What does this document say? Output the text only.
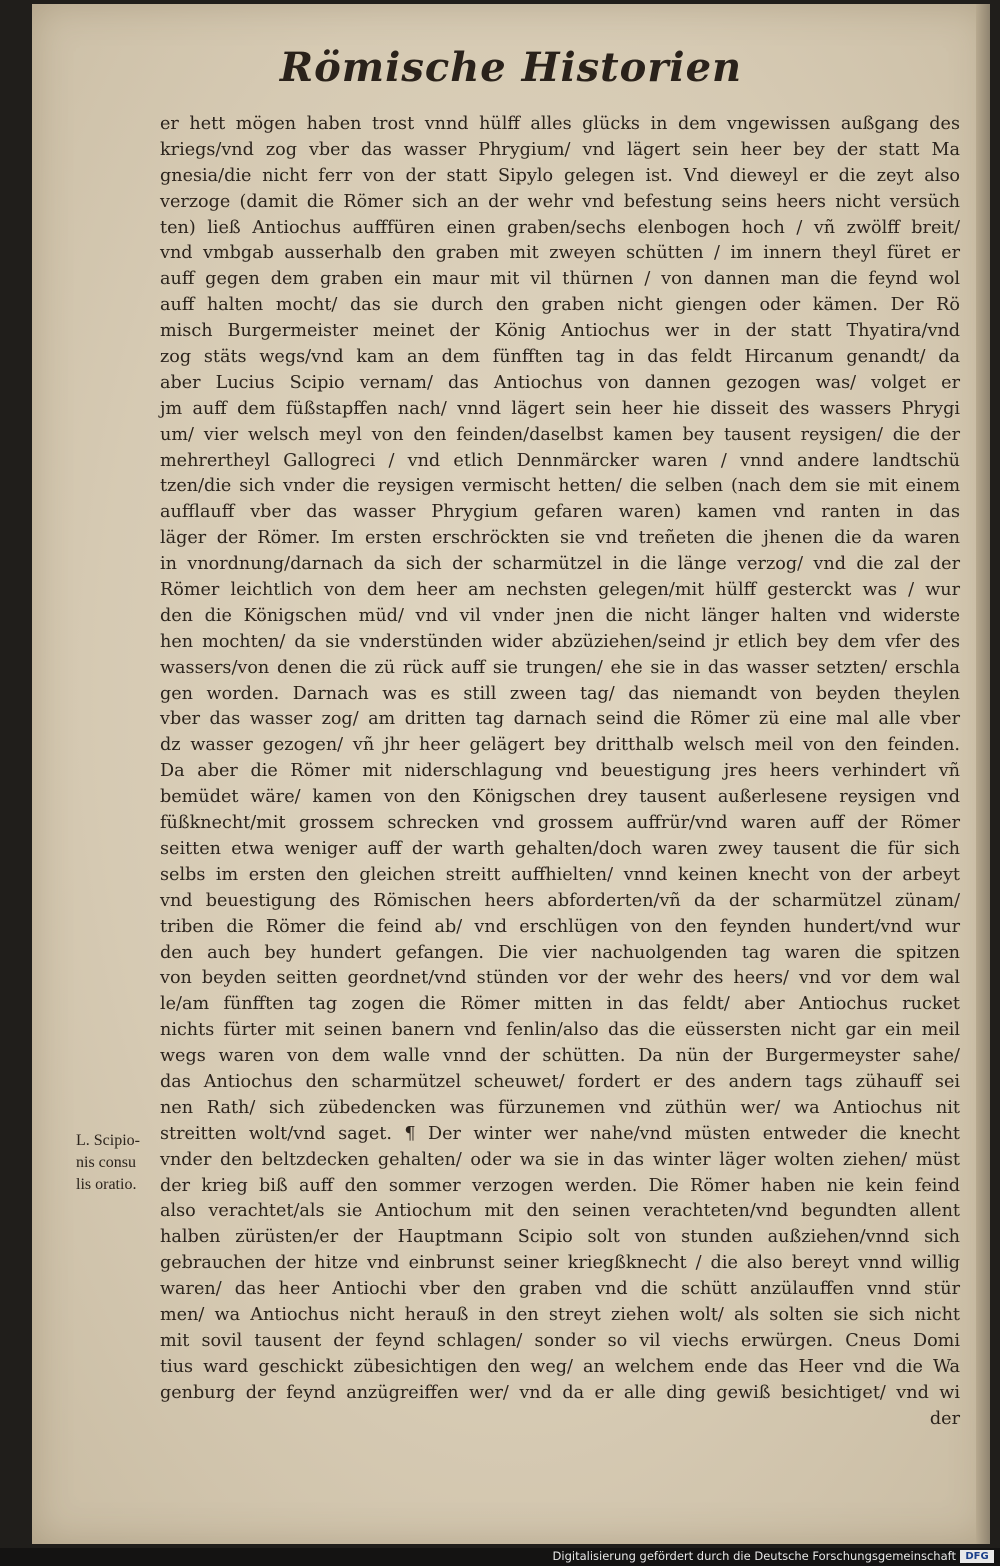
Römische Historien
L. Scipio-
nis consu
lis oratio.
er hett mögen haben trost vnnd hülff alles glücks in dem vngewissen außgang des
kriegs/vnd zog vber das wasser Phrygium/ vnd lägert sein heer bey der statt Ma
gnesia/die nicht ferr von der statt Sipylo gelegen ist. Vnd dieweyl er die zeyt also
verzoge (damit die Römer sich an der wehr vnd befestung seins heers nicht versüch
ten) ließ Antiochus aufffüren einen graben/sechs elenbogen hoch / vñ zwölff breit/
vnd vmbgab ausserhalb den graben mit zweyen schütten / im innern theyl füret er
auff gegen dem graben ein maur mit vil thürnen / von dannen man die feynd wol
auff halten mocht/ das sie durch den graben nicht giengen oder kämen. Der Rö
misch Burgermeister meinet der König Antiochus wer in der statt Thyatira/vnd
zog stäts wegs/vnd kam an dem fünfften tag in das feldt Hircanum genandt/ da
aber Lucius Scipio vernam/ das Antiochus von dannen gezogen was/ volget er
jm auff dem füßstapffen nach/ vnnd lägert sein heer hie disseit des wassers Phrygi
um/ vier welsch meyl von den feinden/daselbst kamen bey tausent reysigen/ die der
mehrertheyl Gallogreci / vnd etlich Dennmärcker waren / vnnd andere landtschü
tzen/die sich vnder die reysigen vermischt hetten/ die selben (nach dem sie mit einem
aufflauff vber das wasser Phrygium gefaren waren) kamen vnd ranten in das
läger der Römer. Im ersten erschröckten sie vnd treñeten die jhenen die da waren
in vnordnung/darnach da sich der scharmützel in die länge verzog/ vnd die zal der
Römer leichtlich von dem heer am nechsten gelegen/mit hülff gesterckt was / wur
den die Königschen müd/ vnd vil vnder jnen die nicht länger halten vnd widerste
hen mochten/ da sie vnderstünden wider abzüziehen/seind jr etlich bey dem vfer des
wassers/von denen die zü rück auff sie trungen/ ehe sie in das wasser setzten/ erschla
gen worden. Darnach was es still zween tag/ das niemandt von beyden theylen
vber das wasser zog/ am dritten tag darnach seind die Römer zü eine mal alle vber
dz wasser gezogen/ vñ jhr heer gelägert bey dritthalb welsch meil von den feinden.
Da aber die Römer mit niderschlagung vnd beuestigung jres heers verhindert vñ
bemüdet wäre/ kamen von den Königschen drey tausent außerlesene reysigen vnd
füßknecht/mit grossem schrecken vnd grossem auffrür/vnd waren auff der Römer
seitten etwa weniger auff der warth gehalten/doch waren zwey tausent die für sich
selbs im ersten den gleichen streitt auffhielten/ vnnd keinen knecht von der arbeyt
vnd beuestigung des Römischen heers abforderten/vñ da der scharmützel zünam/
triben die Römer die feind ab/ vnd erschlügen von den feynden hundert/vnd wur
den auch bey hundert gefangen. Die vier nachuolgenden tag waren die spitzen
von beyden seitten geordnet/vnd stünden vor der wehr des heers/ vnd vor dem wal
le/am fünfften tag zogen die Römer mitten in das feldt/ aber Antiochus rucket
nichts fürter mit seinen banern vnd fenlin/also das die eüssersten nicht gar ein meil
wegs waren von dem walle vnnd der schütten. Da nün der Burgermeyster sahe/
das Antiochus den scharmützel scheuwet/ fordert er des andern tags zühauff sei
nen Rath/ sich zübedencken was fürzunemen vnd züthün wer/ wa Antiochus nit
streitten wolt/vnd saget. ¶ Der winter wer nahe/vnd müsten entweder die knecht
vnder den beltzdecken gehalten/ oder wa sie in das winter läger wolten ziehen/ müst
der krieg biß auff den sommer verzogen werden. Die Römer haben nie kein feind
also verachtet/als sie Antiochum mit den seinen verachteten/vnd begundten allent
halben zürüsten/er der Hauptmann Scipio solt von stunden außziehen/vnnd sich
gebrauchen der hitze vnd einbrunst seiner kriegßknecht / die also bereyt vnnd willig
waren/ das heer Antiochi vber den graben vnd die schütt anzülauffen vnnd stür
men/ wa Antiochus nicht herauß in den streyt ziehen wolt/ als solten sie sich nicht
mit sovil tausent der feynd schlagen/ sonder so vil viechs erwürgen. Cneus Domi
tius ward geschickt zübesichtigen den weg/ an welchem ende das Heer vnd die Wa
genburg der feynd anzügreiffen wer/ vnd da er alle ding gewiß besichtiget/ vnd wi
der
Digitalisierung gefördert durch die Deutsche Forschungsgemeinschaft DFG
